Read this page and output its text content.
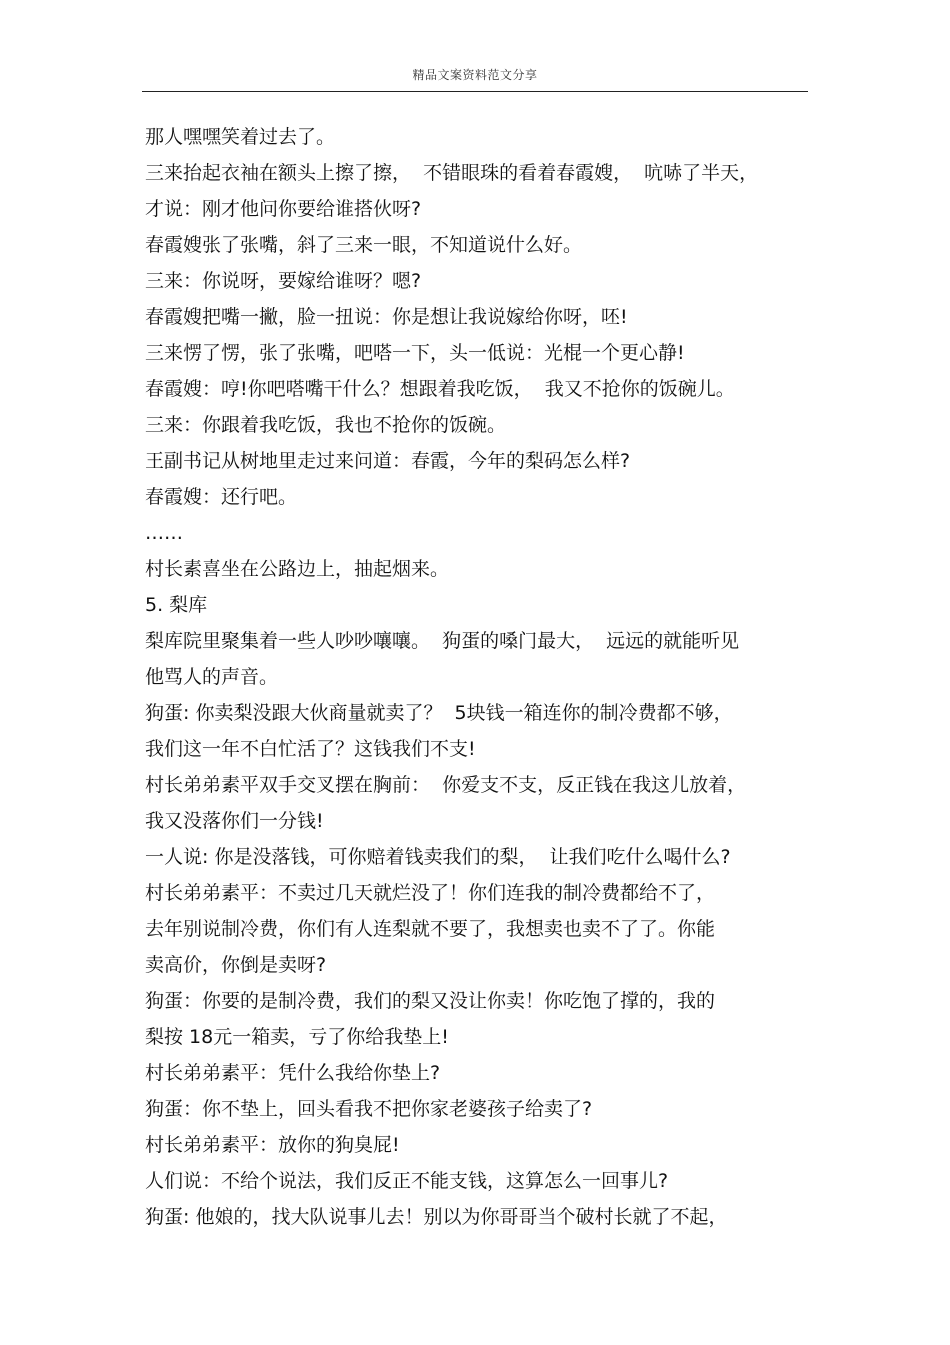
精品文案资料范文分享
那人嘿嘿笑着过去了。
三来抬起衣袖在额头上擦了擦，  不错眼珠的看着春霞嫂，  吭哧了半天，
才说：刚才他问你要给谁搭伙呀?
春霞嫂张了张嘴，斜了三来一眼，不知道说什么好。
三来：你说呀，要嫁给谁呀？嗯?
春霞嫂把嘴一撇，脸一扭说：你是想让我说嫁给你呀，呸!
三来愣了愣，张了张嘴，吧嗒一下，头一低说：光棍一个更心静!
春霞嫂：哼!你吧嗒嘴干什么？想跟着我吃饭，  我又不抢你的饭碗儿。
三来：你跟着我吃饭，我也不抢你的饭碗。
王副书记从树地里走过来问道：春霞，今年的梨码怎么样?
春霞嫂：还行吧。
……
村长素喜坐在公路边上，抽起烟来。
5. 梨库
梨库院里聚集着一些人吵吵嚷嚷。  狗蛋的嗓门最大，  远远的就能听见
他骂人的声音。
狗蛋: 你卖梨没跟大伙商量就卖了？  5块钱一箱连你的制冷费都不够，
我们这一年不白忙活了？这钱我们不支!
村长弟弟素平双手交叉摆在胸前：  你爱支不支，反正钱在我这儿放着，
我又没落你们一分钱!
一人说: 你是没落钱，可你赔着钱卖我们的梨，  让我们吃什么喝什么?
村长弟弟素平：不卖过几天就烂没了！你们连我的制冷费都给不了，
去年别说制冷费，你们有人连梨就不要了，我想卖也卖不了了。你能
卖高价，你倒是卖呀?
狗蛋：你要的是制冷费，我们的梨又没让你卖！你吃饱了撑的，我的
梨按 18元一箱卖，亏了你给我垫上!
村长弟弟素平：凭什么我给你垫上?
狗蛋：你不垫上，回头看我不把你家老婆孩子给卖了?
村长弟弟素平：放你的狗臭屁!
人们说：不给个说法，我们反正不能支钱，这算怎么一回事儿?
狗蛋: 他娘的，找大队说事儿去！别以为你哥哥当个破村长就了不起，
